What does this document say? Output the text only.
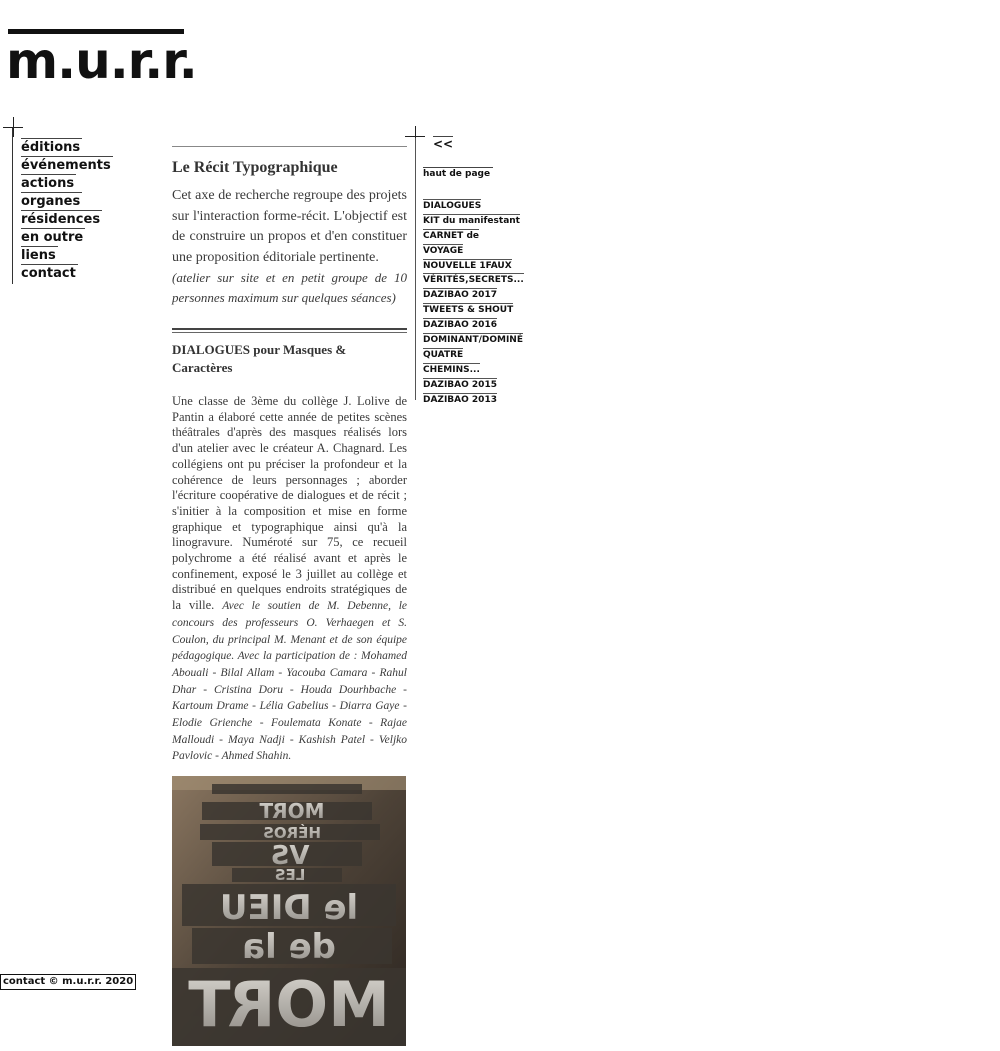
m.u.r.r.
éditions
événements
actions
organes
résidences
en outre
liens
contact
Le Récit Typographique

Cet axe de recherche regroupe des projets sur l'interaction forme-récit. L'objectif est de construire un propos et d'en constituer une proposition éditoriale pertinente.

(atelier sur site et en petit groupe de 10 personnes maximum sur quelques séances)

DIALOGUES pour Masques & Caractères

Une classe de 3ème du collège J. Lolive de Pantin a élaboré cette année de petites scènes théâtrales d'après des masques réalisés lors d'un atelier avec le créateur A. Chagnard. Les collégiens ont pu préciser la profondeur et la cohérence de leurs personnages ; aborder l'écriture coopérative de dialogues et de récit ; s'initier à la composition et mise en forme graphique et typographique ainsi qu'à la linogravure. Numéroté sur 75, ce recueil polychrome a été réalisé avant et après le confinement, exposé le 3 juillet au collège et distribué en quelques endroits stratégiques de la ville. Avec le soutien de M. Debenne, le concours des professeurs O. Verhaegen et S. Coulon, du principal M. Menant et de son équipe pédagogique. Avec la participation de : Mohamed Abouali - Bilal Allam - Yacouba Camara - Rahul Dhar - Cristina Doru - Houda Dourhbache - Kartoum Drame - Lélia Gabelius - Diarra Gaye - Elodie Grienche - Foulemata Konate - Rajae Malloudi - Maya Nadji - Kashish Patel - Veljko Pavlovic - Ahmed Shahin.

MORT
HÉROS
VS
LES
le DIEU
de la
MORT
<<
haut de page
DIALOGUES
KIT du manifestant
CARNET de
VOYAGE
NOUVELLE 1FAUX
VÉRITÉS,SECRETS...
DAZIBAO 2017
TWEETS & SHOUT
DAZIBAO 2016
DOMINANT/DOMINÉ
QUATRE
CHEMINS...
DAZIBAO 2015
DAZIBAO 2013
contact © m.u.r.r. 2020
